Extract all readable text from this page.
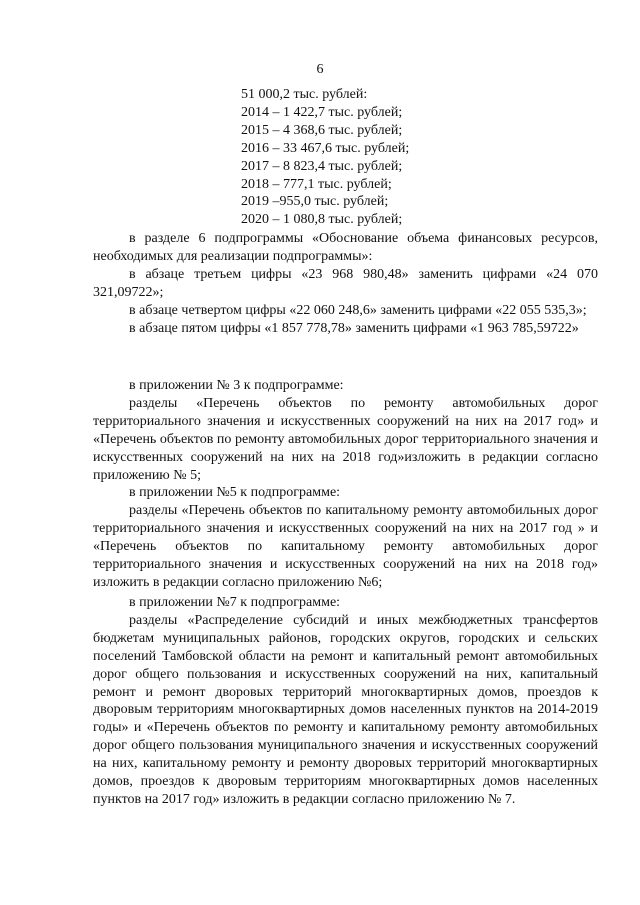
6
51 000,2 тыс. рублей:
2014 – 1 422,7 тыс. рублей;
2015 – 4 368,6 тыс. рублей;
2016 – 33 467,6 тыс. рублей;
2017 – 8 823,4 тыс. рублей;
2018 – 777,1 тыс. рублей;
2019 –955,0 тыс. рублей;
2020 – 1 080,8 тыс. рублей;

в разделе 6 подпрограммы «Обоснование объема финансовых ресурсов, необходимых для реализации подпрограммы»:

в абзаце третьем цифры «23 968 980,48» заменить цифрами «24 070 321,09722»;

в абзаце четвертом цифры «22 060 248,6» заменить цифрами «22 055 535,3»;

в абзаце пятом цифры «1 857 778,78» заменить цифрами «1 963 785,59722»

в приложении № 3 к подпрограмме:

разделы «Перечень объектов по ремонту автомобильных дорог территориального значения и искусственных сооружений на них на 2017 год» и «Перечень объектов по ремонту автомобильных дорог территориального значения и искусственных сооружений на них на 2018 год»изложить в редакции согласно приложению № 5;

в приложении №5 к подпрограмме:

разделы «Перечень объектов по капитальному ремонту автомобильных дорог территориального значения и искусственных сооружений на них на 2017 год » и «Перечень объектов по капитальному ремонту автомобильных дорог территориального значения и искусственных сооружений на них на 2018 год» изложить в редакции согласно приложению №6;

в приложении №7 к подпрограмме:

разделы «Распределение субсидий и иных межбюджетных трансфертов бюджетам муниципальных районов, городских округов, городских и сельских поселений Тамбовской области на ремонт и капитальный ремонт автомобильных дорог общего пользования и искусственных сооружений на них, капитальный ремонт и ремонт дворовых территорий многоквартирных домов, проездов к дворовым территориям многоквартирных домов населенных пунктов на 2014-2019 годы» и «Перечень объектов по ремонту и капитальному ремонту автомобильных дорог общего пользования муниципального значения и искусственных сооружений на них, капитальному ремонту и ремонту дворовых территорий многоквартирных домов, проездов к дворовым территориям многоквартирных домов населенных пунктов на 2017 год» изложить в редакции согласно приложению № 7.
